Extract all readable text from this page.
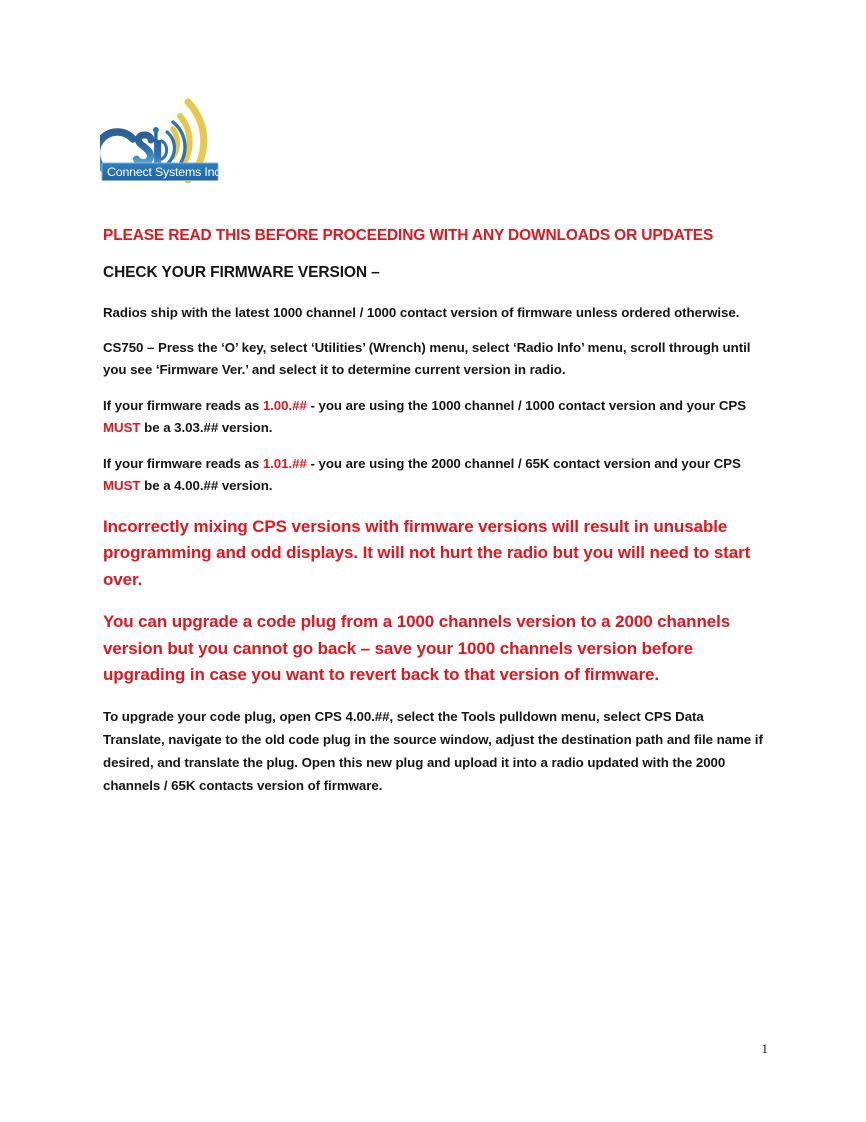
Connect Systems Inc.
PLEASE READ THIS BEFORE PROCEEDING WITH ANY DOWNLOADS OR UPDATES
CHECK YOUR FIRMWARE VERSION –

Radios ship with the latest 1000 channel / 1000 contact version of firmware unless ordered otherwise.

CS750 – Press the ‘O’ key, select ‘Utilities’ (Wrench) menu, select ‘Radio Info’ menu, scroll through until you see ‘Firmware Ver.’ and select it to determine current version in radio.

If your firmware reads as 1.00.## - you are using the 1000 channel / 1000 contact version and your CPS MUST be a 3.03.## version.

If your firmware reads as 1.01.## - you are using the 2000 channel / 65K contact version and your CPS MUST be a 4.00.## version.

Incorrectly mixing CPS versions with firmware versions will result in unusable programming and odd displays. It will not hurt the radio but you will need to start over.

You can upgrade a code plug from a 1000 channels version to a 2000 channels version but you cannot go back – save your 1000 channels version before upgrading in case you want to revert back to that version of firmware.

To upgrade your code plug, open CPS 4.00.##, select the Tools pulldown menu, select CPS Data Translate, navigate to the old code plug in the source window, adjust the destination path and file name if desired, and translate the plug. Open this new plug and upload it into a radio updated with the 2000 channels / 65K contacts version of firmware.

1
